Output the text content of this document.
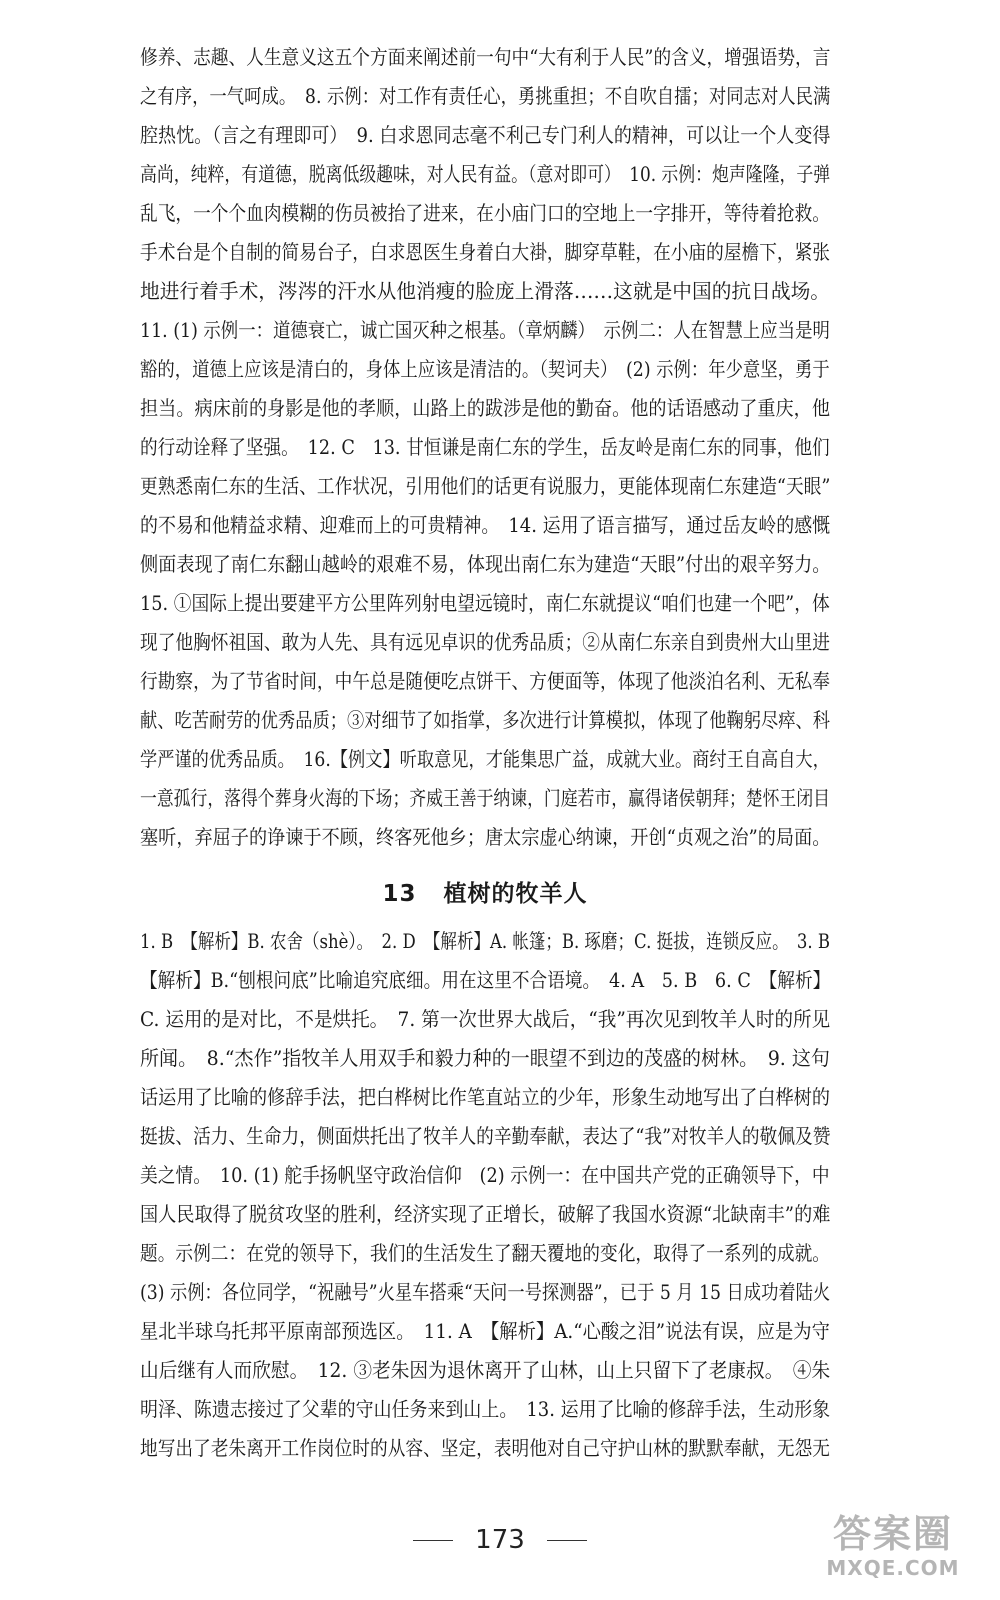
修养、志趣、人生意义这五个方面来阐述前一句中“大有利于人民”的含义，增强语势，言
之有序，一气呵成。　8. 示例：对工作有责任心，勇挑重担；不自吹自擂；对同志对人民满
腔热忱。（言之有理即可）　9. 白求恩同志毫不利己专门利人的精神，可以让一个人变得
高尚，纯粹，有道德，脱离低级趣味，对人民有益。（意对即可）　10. 示例：炮声隆隆，子弹
乱飞，一个个血肉模糊的伤员被抬了进来，在小庙门口的空地上一字排开，等待着抢救。
手术台是个自制的简易台子，白求恩医生身着白大褂，脚穿草鞋，在小庙的屋檐下，紧张
地进行着手术，涔涔的汗水从他消瘦的脸庞上滑落……这就是中国的抗日战场。

11. (1) 示例一：道德衰亡，诚亡国灭种之根基。（章炳麟）　示例二：人在智慧上应当是明
豁的，道德上应该是清白的，身体上应该是清洁的。（契诃夫）　(2) 示例：年少意坚，勇于
担当。病床前的身影是他的孝顺，山路上的跋涉是他的勤奋。他的话语感动了重庆，他
的行动诠释了坚强。　12. C　13. 甘恒谦是南仁东的学生，岳友岭是南仁东的同事，他们
更熟悉南仁东的生活、工作状况，引用他们的话更有说服力，更能体现南仁东建造“天眼”
的不易和他精益求精、迎难而上的可贵精神。　14. 运用了语言描写，通过岳友岭的感慨
侧面表现了南仁东翻山越岭的艰难不易，体现出南仁东为建造“天眼”付出的艰辛努力。

15. ①国际上提出要建平方公里阵列射电望远镜时，南仁东就提议“咱们也建一个吧”，体
现了他胸怀祖国、敢为人先、具有远见卓识的优秀品质；②从南仁东亲自到贵州大山里进
行勘察，为了节省时间，中午总是随便吃点饼干、方便面等，体现了他淡泊名利、无私奉
献、吃苦耐劳的优秀品质；③对细节了如指掌，多次进行计算模拟，体现了他鞠躬尽瘁、科
学严谨的优秀品质。　16.【例文】听取意见，才能集思广益，成就大业。商纣王自高自大，
一意孤行，落得个葬身火海的下场；齐威王善于纳谏，门庭若市，赢得诸侯朝拜；楚怀王闭目
塞听，弃屈子的诤谏于不顾，终客死他乡；唐太宗虚心纳谏，开创“贞观之治”的局面。

13 植树的牧羊人

1. B　【解析】B. 农舍（shè）。　2. D　【解析】A. 帐篷；B. 琢磨；C. 挺拔，连锁反应。　3. B
【解析】B.“刨根问底”比喻追究底细。用在这里不合语境。　4. A　5. B　6. C　【解析】
C. 运用的是对比，不是烘托。　7. 第一次世界大战后，“我”再次见到牧羊人时的所见
所闻。　8.“杰作”指牧羊人用双手和毅力种的一眼望不到边的茂盛的树林。　9. 这句
话运用了比喻的修辞手法，把白桦树比作笔直站立的少年，形象生动地写出了白桦树的
挺拔、活力、生命力，侧面烘托出了牧羊人的辛勤奉献，表达了“我”对牧羊人的敬佩及赞
美之情。　10. (1) 舵手扬帆坚守政治信仰　(2) 示例一：在中国共产党的正确领导下，中
国人民取得了脱贫攻坚的胜利，经济实现了正增长，破解了我国水资源“北缺南丰”的难
题。示例二：在党的领导下，我们的生活发生了翻天覆地的变化，取得了一系列的成就。
(3) 示例：各位同学，“祝融号”火星车搭乘“天问一号探测器”，已于 5 月 15 日成功着陆火
星北半球乌托邦平原南部预选区。　11. A　【解析】A.“心酸之泪”说法有误，应是为守
山后继有人而欣慰。　12. ③老朱因为退休离开了山林，山上只留下了老康叔。　④朱
明泽、陈遗志接过了父辈的守山任务来到山上。　13. 运用了比喻的修辞手法，生动形象
地写出了老朱离开工作岗位时的从容、坚定，表明他对自己守护山林的默默奉献，无怨无

173	答案圈
MXQE.COM
